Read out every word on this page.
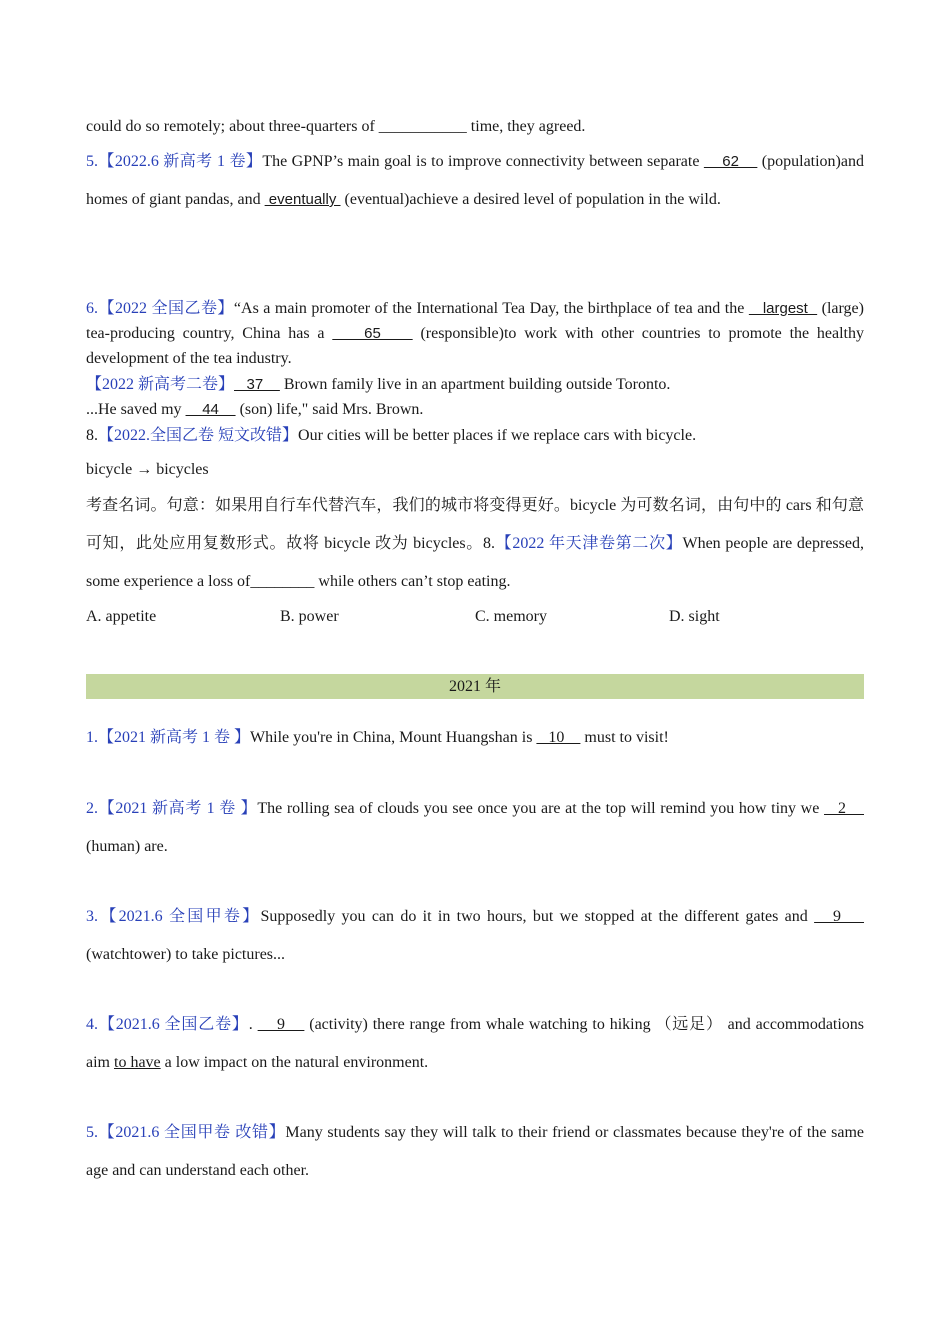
could do so remotely; about three-quarters of ___________ time, they agreed.

5.【2022.6 新高考 1 卷】The GPNP’s main goal is to improve connectivity between separate     62     (population)and homes of giant pandas, and  eventually  (eventual)achieve a desired level of population in the wild.

6.【2022 全国乙卷】“As a main promoter of the International Tea Day, the birthplace of tea and the    largest   (large) tea-producing country, China has a     65     (responsible)to work with other countries to promote the healthy development of the tea industry.

【2022 新高考二卷】   37     Brown family live in an apartment building outside Toronto.
...He saved my     44     (son) life," said Mrs. Brown.

8.【2022.全国乙卷 短文改错】Our cities will be better places if we replace cars with bicycle.

bicycle → bicycles

考查名词。句意：如果用自行车代替汽车，我们的城市将变得更好。bicycle 为可数名词，由句中的 cars 和句意可知，此处应用复数形式。故将 bicycle 改为 bicycles。8.【2022 年天津卷第二次】When people are depressed, some experience a loss of________ while others can’t stop eating.

A. appetite	B. power	C. memory	D. sight
2021 年

1.【2021 新高考 1 卷 】While you're in China, Mount Huangshan is    10     must to visit!

2.【2021 新高考 1 卷 】The rolling sea of clouds you see once you are at the top will remind you how tiny we    2     (human) are.

3.【2021.6 全国甲卷】Supposedly you can do it in two hours, but we stopped at the different gates and    9     (watchtower) to take pictures...

4.【2021.6 全国乙卷】.     9     (activity) there range from whale watching to hiking （远足） and accommodations aim to have a low impact on the natural environment.

5.【2021.6 全国甲卷 改错】Many students say they will talk to their friend or classmates because they're of the same age and can understand each other.
